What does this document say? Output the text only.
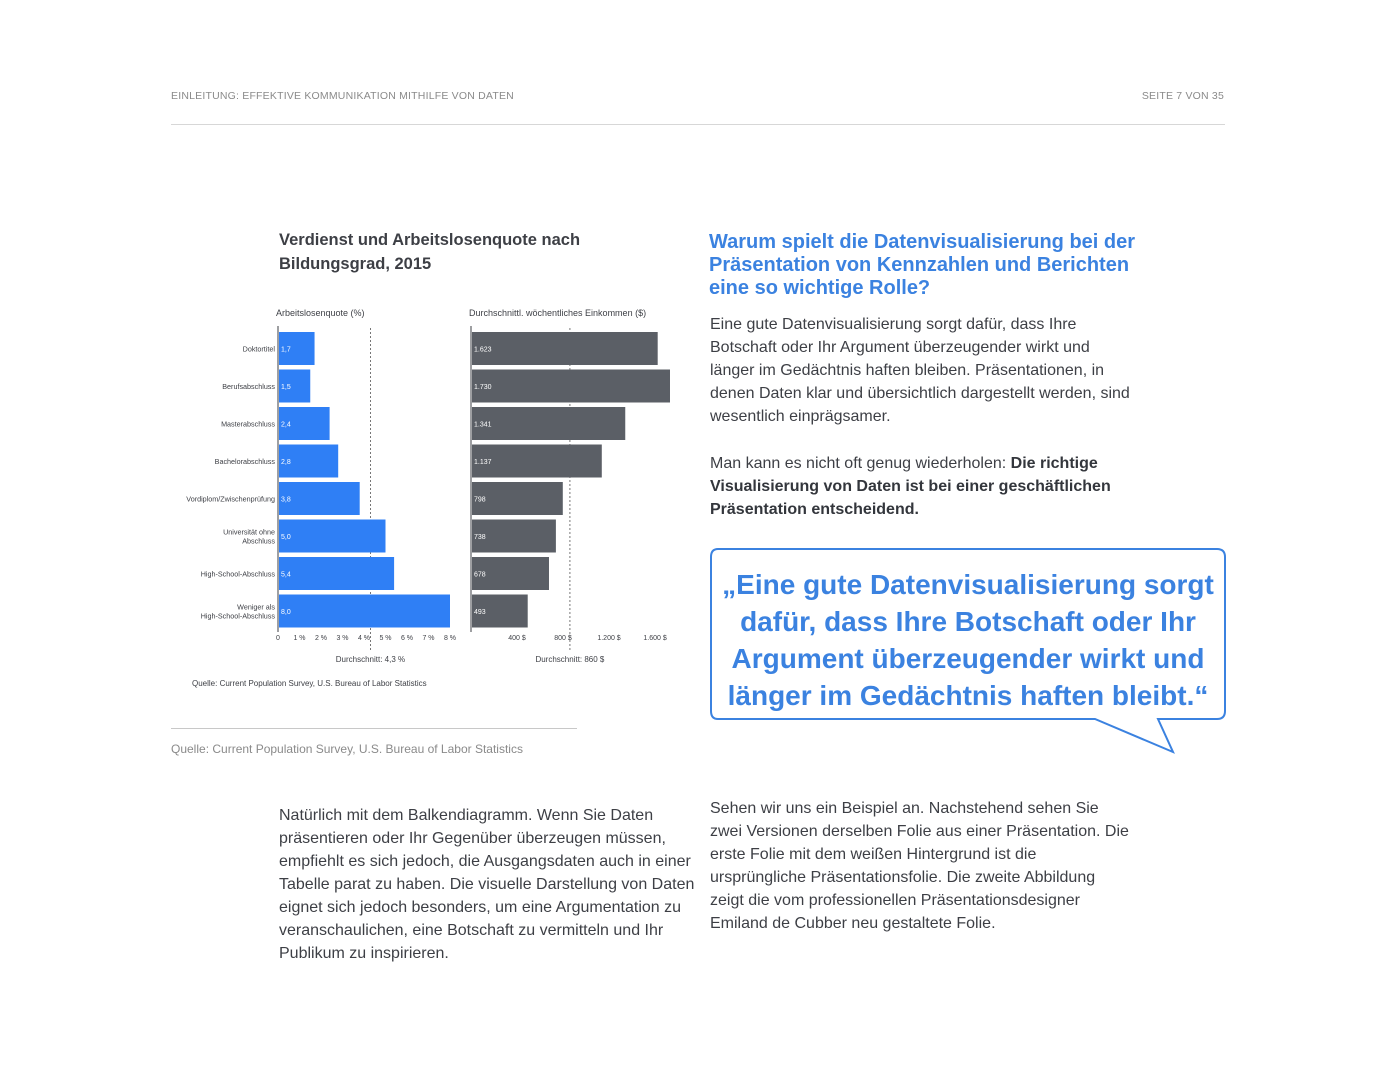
EINLEITUNG: EFFEKTIVE KOMMUNIKATION MITHILFE VON DATEN	SEITE 7 VON 35
Verdienst und Arbeitslosenquote nach Bildungsgrad, 2015
Arbeitslosenquote (%)	Durchschnittl. wöchentliches Einkommen ($)
Doktortitel 1,7	1.623
Berufsabschluss 1,5	1.730
Masterabschluss 2,4	1.341
Bachelorabschluss 2,8	1.137
Vordiplom/Zwischenprüfung 3,8	798
Universität ohne
Abschluss 5,0	738
High-School-Abschluss 5,4	678
Weniger als
High-School-Abschluss 8,0	493
0 1 % 2 % 3 % 4 % 5 % 6 % 7 % 8 %	400 $	800 $	1.200 $	1.600 $
Durchschnitt: 4,3 %	Durchschnitt: 860 $
Quelle: Current Population Survey, U.S. Bureau of Labor Statistics
Quelle: Current Population Survey, U.S. Bureau of Labor Statistics
Warum spielt die Datenvisualisierung bei der Präsentation von Kennzahlen und Berichten eine so wichtige Rolle?
Eine gute Datenvisualisierung sorgt dafür, dass Ihre Botschaft oder Ihr Argument überzeugender wirkt und länger im Gedächtnis haften bleiben. Präsentationen, in denen Daten klar und übersichtlich dargestellt werden, sind wesentlich einprägsamer.
Man kann es nicht oft genug wiederholen: Die richtige Visualisierung von Daten ist bei einer geschäftlichen Präsentation entscheidend.
„Eine gute Datenvisualisierung sorgt dafür, dass Ihre Botschaft oder Ihr Argument überzeugender wirkt und länger im Gedächtnis haften bleibt.“
Natürlich mit dem Balkendiagramm. Wenn Sie Daten präsentieren oder Ihr Gegenüber überzeugen müssen, empfiehlt es sich jedoch, die Ausgangsdaten auch in einer Tabelle parat zu haben. Die visuelle Darstellung von Daten eignet sich jedoch besonders, um eine Argumentation zu veranschaulichen, eine Botschaft zu vermitteln und Ihr Publikum zu inspirieren.
Sehen wir uns ein Beispiel an. Nachstehend sehen Sie zwei Versionen derselben Folie aus einer Präsentation. Die erste Folie mit dem weißen Hintergrund ist die ursprüngliche Präsentationsfolie. Die zweite Abbildung zeigt die vom professionellen Präsentationsdesigner Emiland de Cubber neu gestaltete Folie.
